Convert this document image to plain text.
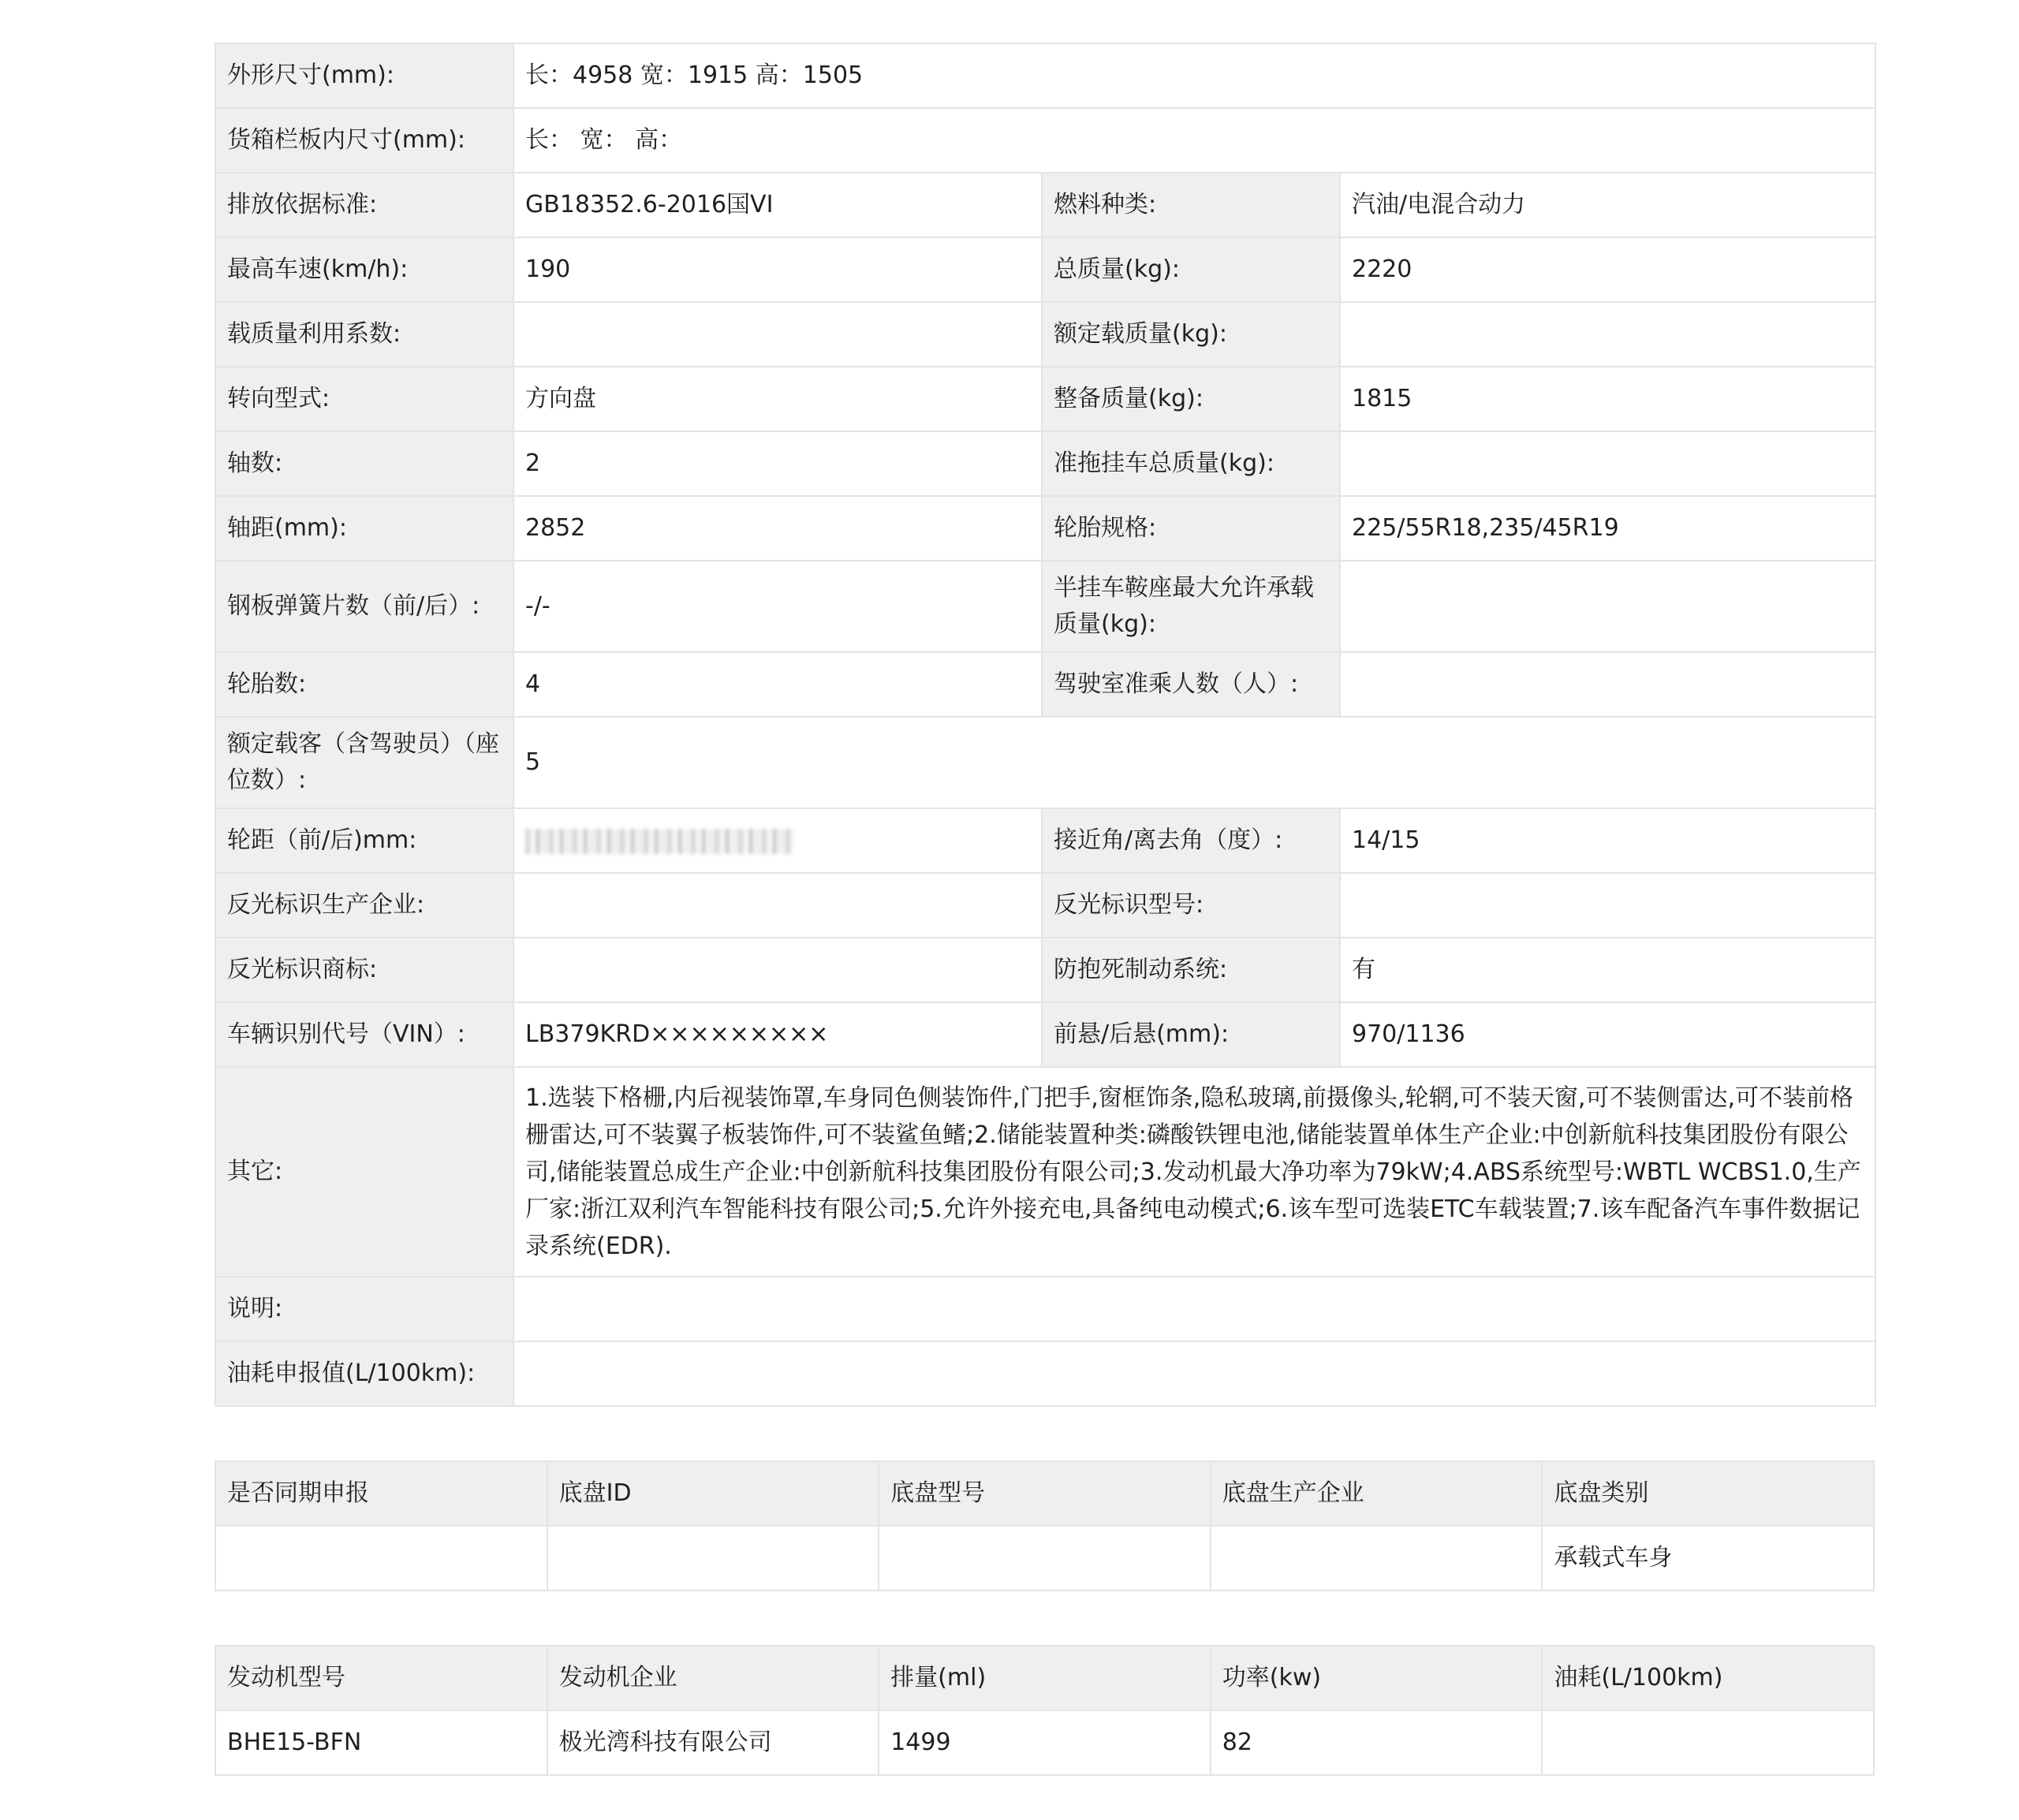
外形尺寸(mm):	长：4958 宽：1915 高：1505		
货箱栏板内尺寸(mm):	长： 宽： 高：		
排放依据标准:	GB18352.6-2016国VI	燃料种类:	汽油/电混合动力
最高车速(km/h):	190	总质量(kg):	2220
载质量利用系数:		额定载质量(kg):	
转向型式:	方向盘	整备质量(kg):	1815
轴数:	2	准拖挂车总质量(kg):	
轴距(mm):	2852	轮胎规格:	225/55R18,235/45R19
钢板弹簧片数（前/后）:	-/-	半挂车鞍座最大允许承载质量(kg):	
轮胎数:	4	驾驶室准乘人数（人）:	
额定载客（含驾驶员）（座位数）:	5		
轮距（前/后)mm:		接近角/离去角（度）:	14/15
反光标识生产企业:		反光标识型号:	
反光标识商标:		防抱死制动系统:	有
车辆识别代号（VIN）:	LB379KRD×××××××××	前悬/后悬(mm):	970/1136
其它:	1.选装下格栅,内后视装饰罩,车身同色侧装饰件,门把手,窗框饰条,隐私玻璃,前摄像头,轮辋,可不装天窗,可不装侧雷达,可不装前格栅雷达,可不装翼子板装饰件,可不装鲨鱼鳍;2.储能装置种类:磷酸铁锂电池,储能装置单体生产企业:中创新航科技集团股份有限公司,储能装置总成生产企业:中创新航科技集团股份有限公司;3.发动机最大净功率为79kW;4.ABS系统型号:WBTL WCBS1.0,生产厂家:浙江双利汽车智能科技有限公司;5.允许外接充电,具备纯电动模式;6.该车型可选装ETC车载装置;7.该车配备汽车事件数据记录系统(EDR).		
说明:			
油耗申报值(L/100km):			
是否同期申报	底盘ID	底盘型号	底盘生产企业	底盘类别
				承载式车身
发动机型号	发动机企业	排量(ml)	功率(kw)	油耗(L/100km)
BHE15-BFN	极光湾科技有限公司	1499	82	
